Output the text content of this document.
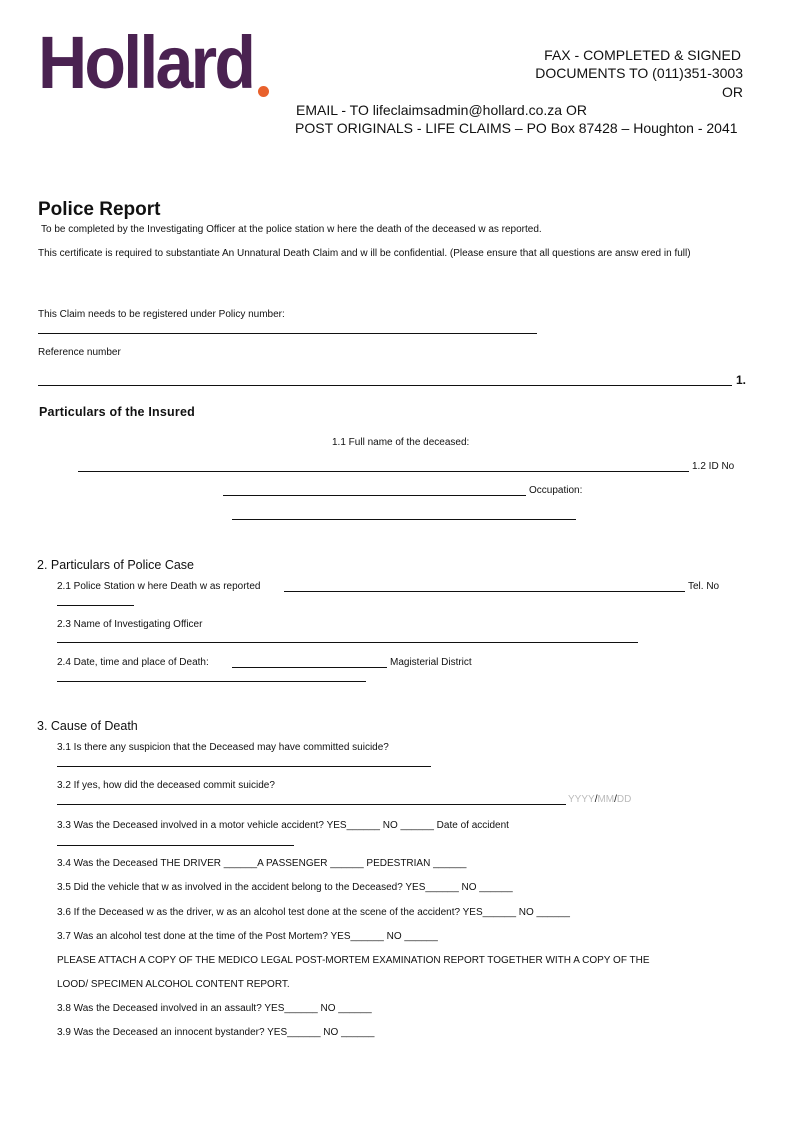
Hollard	FAX - COMPLETED & SIGNED
DOCUMENTS TO (011)351-3003
OR
EMAIL - TO lifeclaimsadmin@hollard.co.za OR
POST ORIGINALS - LIFE CLAIMS – PO Box 87428 – Houghton - 2041
Police Report
To be completed by the Investigating Officer at the police station w here the death of the deceased w as reported.
This certificate is required to substantiate An Unnatural Death Claim and w ill be confidential. (Please ensure that all questions are answ ered in full)
This Claim needs to be registered under Policy number:
Reference number
1.
Particulars of the Insured
1.1 Full name of the deceased:
1.2 ID No
Occupation:
2. Particulars of Police Case
2.1 Police Station w here Death w as reported	Tel. No
2.3 Name of Investigating Officer
2.4 Date, time and place of Death:	Magisterial District
3. Cause of Death
3.1 Is there any suspicion that the Deceased may have committed suicide?
3.2 If yes, how did the deceased commit suicide?
YYYY/MM/DD
3.3 Was the Deceased involved in a motor vehicle accident? YES______ NO ______ Date of accident
3.4 Was the Deceased THE DRIVER ______A PASSENGER ______ PEDESTRIAN ______
3.5 Did the vehicle that w as involved in the accident belong to the Deceased? YES______ NO ______
3.6 If the Deceased w as the driver, w as an alcohol test done at the scene of the accident? YES______ NO ______
3.7 Was an alcohol test done at the time of the Post Mortem? YES______ NO ______
PLEASE ATTACH A COPY OF THE MEDICO LEGAL POST-MORTEM EXAMINATION REPORT TOGETHER WITH A COPY OF THE
LOOD/ SPECIMEN ALCOHOL CONTENT REPORT.
3.8 Was the Deceased involved in an assault? YES______ NO ______
3.9 Was the Deceased an innocent bystander? YES______ NO ______
